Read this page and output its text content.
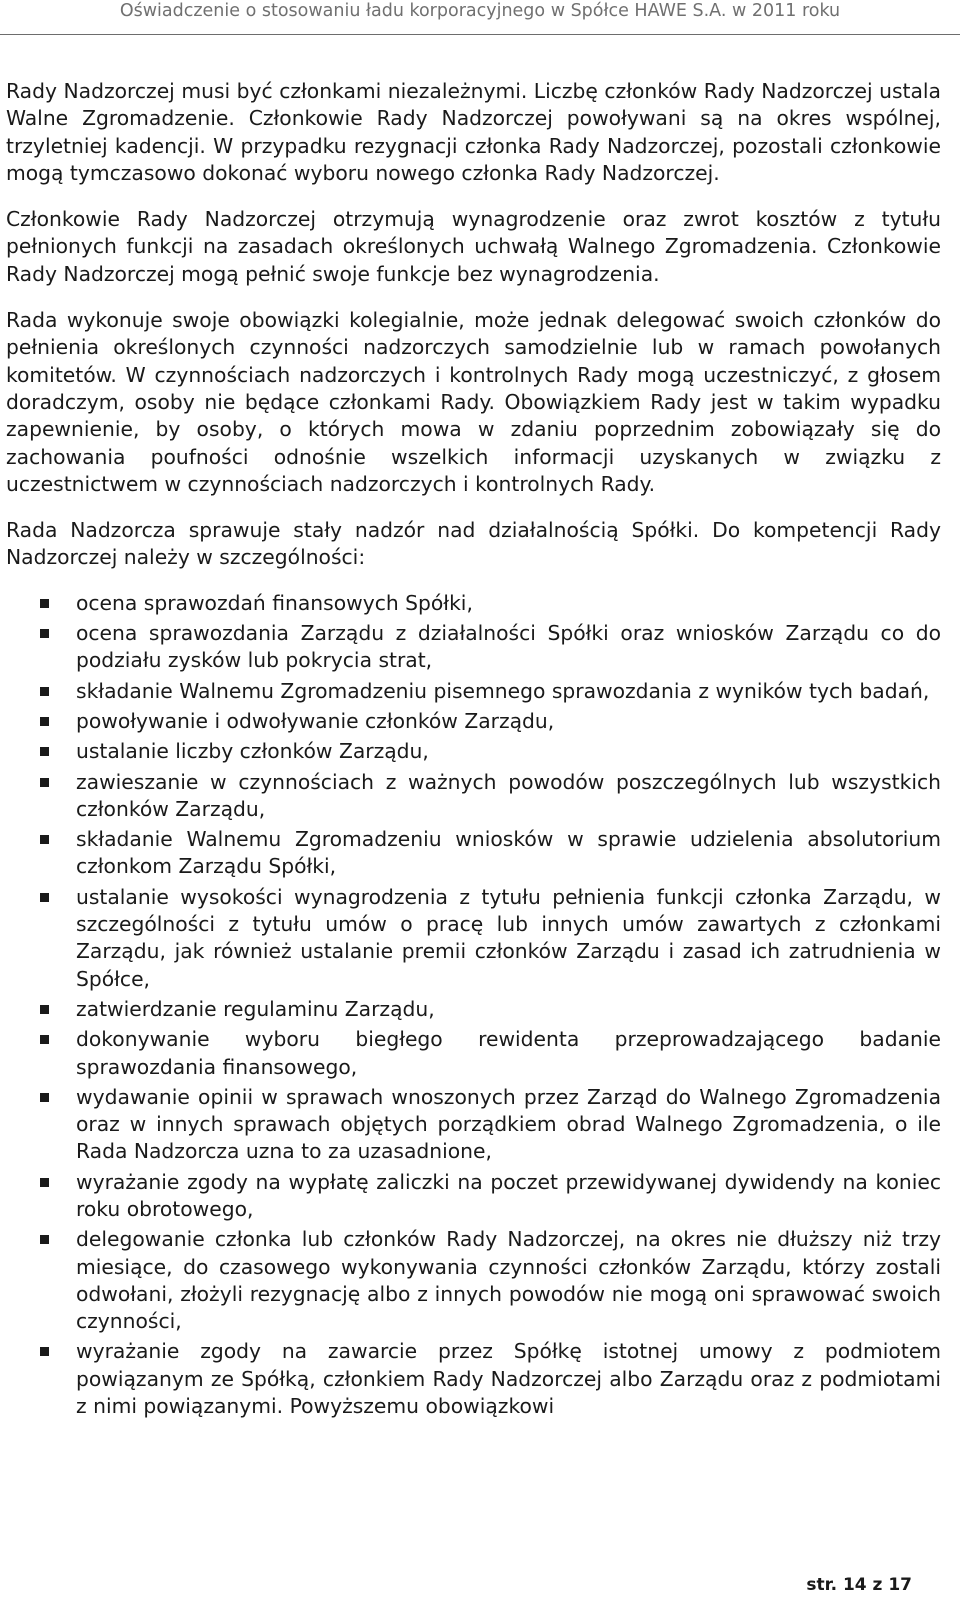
Oświadczenie o stosowaniu ładu korporacyjnego w Spółce HAWE S.A. w 2011 roku

Rady Nadzorczej musi być członkami niezależnymi. Liczbę członków Rady Nadzorczej ustala Walne Zgromadzenie. Członkowie Rady Nadzorczej powoływani są na okres wspólnej, trzyletniej kadencji. W przypadku rezygnacji członka Rady Nadzorczej, pozostali członkowie mogą tymczasowo dokonać wyboru nowego członka Rady Nadzorczej.

Członkowie Rady Nadzorczej otrzymują wynagrodzenie oraz zwrot kosztów z tytułu pełnionych funkcji na zasadach określonych uchwałą Walnego Zgromadzenia. Członkowie Rady Nadzorczej mogą pełnić swoje funkcje bez wynagrodzenia.

Rada wykonuje swoje obowiązki kolegialnie, może jednak delegować swoich członków do pełnienia określonych czynności nadzorczych samodzielnie lub w ramach powołanych komitetów. W czynnościach nadzorczych i kontrolnych Rady mogą uczestniczyć, z głosem doradczym, osoby nie będące członkami Rady. Obowiązkiem Rady jest w takim wypadku zapewnienie, by osoby, o których mowa w zdaniu poprzednim zobowiązały się do zachowania poufności odnośnie wszelkich informacji uzyskanych w związku z uczestnictwem w czynnościach nadzorczych i kontrolnych Rady.

Rada Nadzorcza sprawuje stały nadzór nad działalnością Spółki. Do kompetencji Rady Nadzorczej należy w szczególności:

ocena sprawozdań finansowych Spółki,
ocena sprawozdania Zarządu z działalności Spółki oraz wniosków Zarządu co do podziału zysków lub pokrycia strat,
składanie Walnemu Zgromadzeniu pisemnego sprawozdania z wyników tych badań,
powoływanie i odwoływanie członków Zarządu,
ustalanie liczby członków Zarządu,
zawieszanie w czynnościach z ważnych powodów poszczególnych lub wszystkich członków Zarządu,
składanie Walnemu Zgromadzeniu wniosków w sprawie udzielenia absolutorium członkom Zarządu Spółki,
ustalanie wysokości wynagrodzenia z tytułu pełnienia funkcji członka Zarządu, w szczególności z tytułu umów o pracę lub innych umów zawartych z członkami Zarządu, jak również ustalanie premii członków Zarządu i zasad ich zatrudnienia w Spółce,
zatwierdzanie regulaminu Zarządu,
dokonywanie wyboru biegłego rewidenta przeprowadzającego badanie sprawozdania finansowego,
wydawanie opinii w sprawach wnoszonych przez Zarząd do Walnego Zgromadzenia oraz w innych sprawach objętych porządkiem obrad Walnego Zgromadzenia, o ile Rada Nadzorcza uzna to za uzasadnione,
wyrażanie zgody na wypłatę zaliczki na poczet przewidywanej dywidendy na koniec roku obrotowego,
delegowanie członka lub członków Rady Nadzorczej, na okres nie dłuższy niż trzy miesiące, do czasowego wykonywania czynności członków Zarządu, którzy zostali odwołani, złożyli rezygnację albo z innych powodów nie mogą oni sprawować swoich czynności,
wyrażanie zgody na zawarcie przez Spółkę istotnej umowy z podmiotem powiązanym ze Spółką, członkiem Rady Nadzorczej albo Zarządu oraz z podmiotami z nimi powiązanymi. Powyższemu obowiązkowi
str. 14 z 17
